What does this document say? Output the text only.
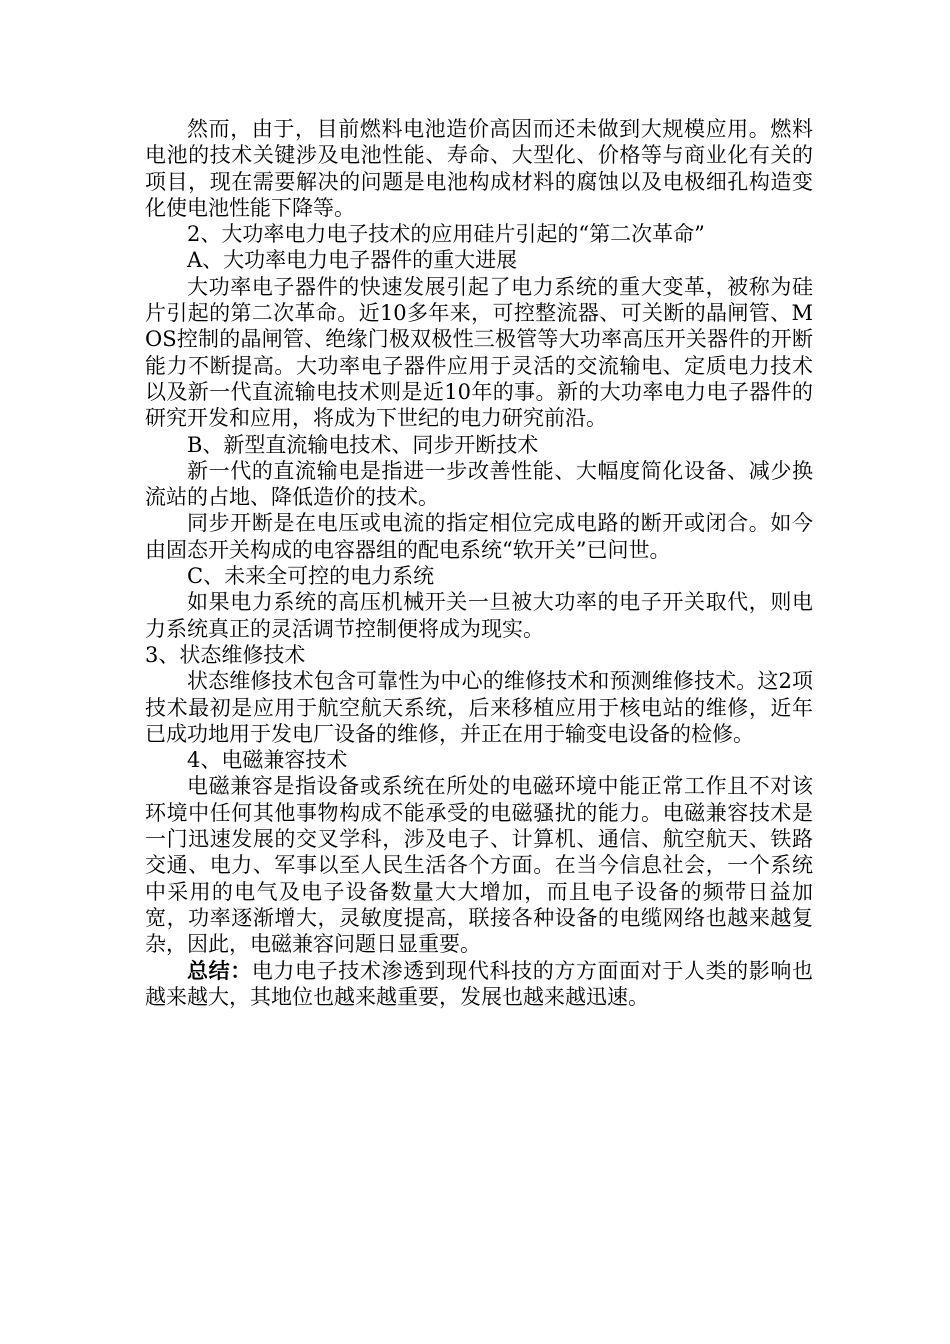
然而，由于，目前燃料电池造价高因而还未做到大规模应用。燃料电池的技术关键涉及电池性能、寿命、大型化、价格等与商业化有关的项目，现在需要解决的问题是电池构成材料的腐蚀以及电极细孔构造变化使电池性能下降等。

2、大功率电力电子技术的应用硅片引起的“第二次革命”

A、大功率电力电子器件的重大进展

大功率电子器件的快速发展引起了电力系统的重大变革，被称为硅片引起的第二次革命。近10多年来，可控整流器、可关断的晶闸管、MOS控制的晶闸管、绝缘门极双极性三极管等大功率高压开关器件的开断能力不断提高。大功率电子器件应用于灵活的交流输电、定质电力技术以及新一代直流输电技术则是近10年的事。新的大功率电力电子器件的研究开发和应用，将成为下世纪的电力研究前沿。

B、新型直流输电技术、同步开断技术

新一代的直流输电是指进一步改善性能、大幅度简化设备、减少换流站的占地、降低造价的技术。

同步开断是在电压或电流的指定相位完成电路的断开或闭合。如今由固态开关构成的电容器组的配电系统“软开关”已问世。

C、未来全可控的电力系统

如果电力系统的高压机械开关一旦被大功率的电子开关取代，则电力系统真正的灵活调节控制便将成为现实。

3、状态维修技术

状态维修技术包含可靠性为中心的维修技术和预测维修技术。这2项技术最初是应用于航空航天系统，后来移植应用于核电站的维修，近年已成功地用于发电厂设备的维修，并正在用于输变电设备的检修。

4、电磁兼容技术

电磁兼容是指设备或系统在所处的电磁环境中能正常工作且不对该环境中任何其他事物构成不能承受的电磁骚扰的能力。电磁兼容技术是一门迅速发展的交叉学科，涉及电子、计算机、通信、航空航天、铁路交通、电力、军事以至人民生活各个方面。在当今信息社会，一个系统中采用的电气及电子设备数量大大增加，而且电子设备的频带日益加宽，功率逐渐增大，灵敏度提高，联接各种设备的电缆网络也越来越复杂，因此，电磁兼容问题日显重要。

总结：电力电子技术渗透到现代科技的方方面面对于人类的影响也越来越大，其地位也越来越重要，发展也越来越迅速。
